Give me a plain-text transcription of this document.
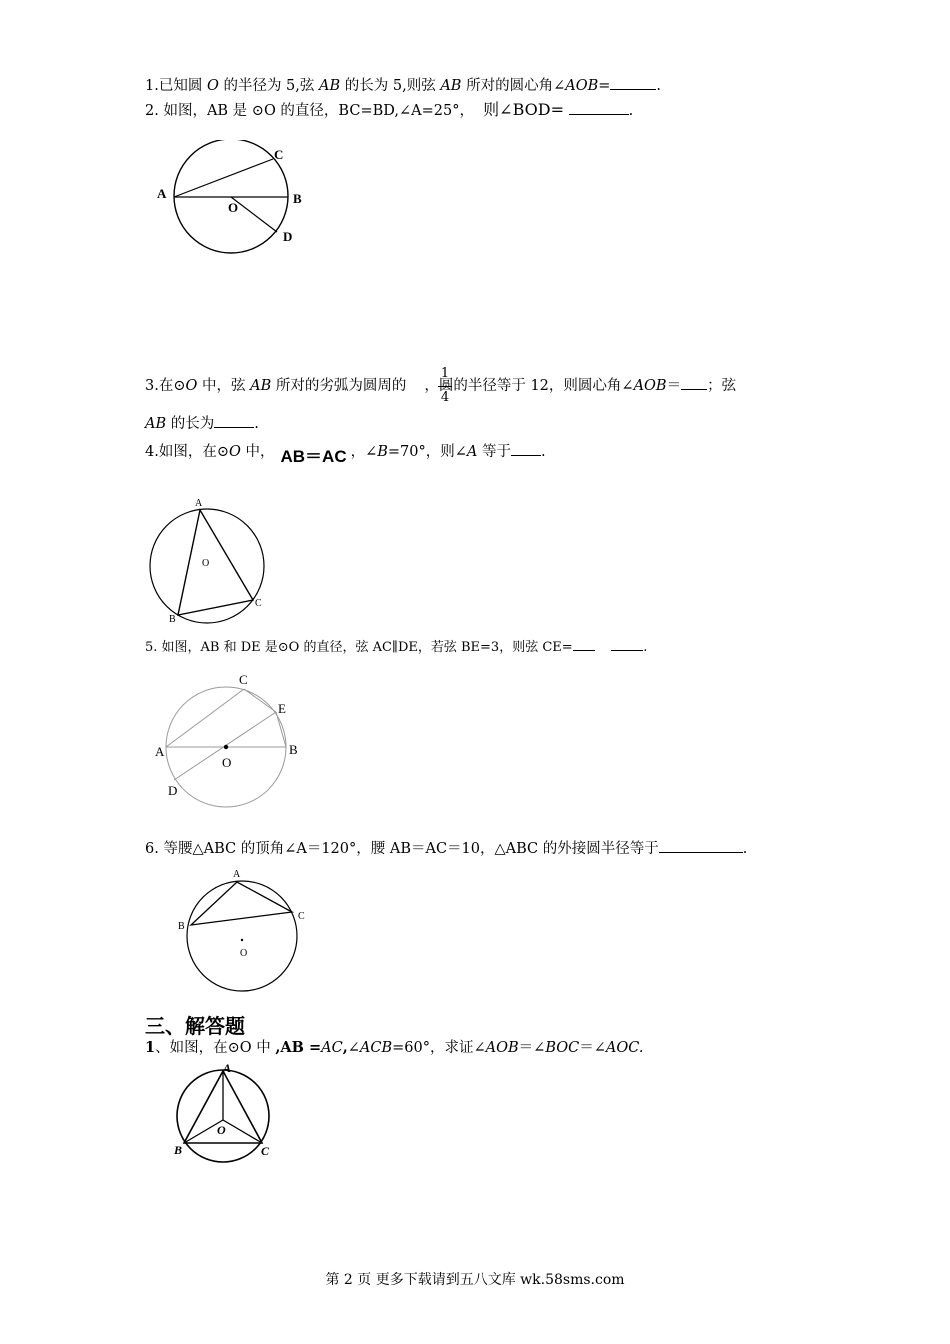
1.已知圆 O 的半径为 5,弦 AB 的长为 5,则弦 AB 所对的圆心角∠AOB=	.
2. 如图，AB 是 ⊙O 的直径，BC=BD,∠A=25°， 则∠BOD=	.
A	B
C
D
O
3.在⊙O 中，弦 AB 所对的劣弧为圆周的 ，圆的半径等于 12，则圆心角∠AOB＝ ；弦
1
4
AB 的长为	.
4.如图，在⊙O 中， AB＝AC ，∠B=70°，则∠A 等于 .
A
B
C
O
5. 如图，AB 和 DE 是⊙O 的直径，弦 AC∥DE，若弦 BE=3，则弦 CE=	.
A	B
C
D
E
O
6. 等腰△ABC 的顶角∠A＝120°，腰 AB＝AC＝10，△ABC 的外接圆半径等于	.
A
B
C
O
三、解答题
1、如图，在⊙O 中 ,AB =AC,∠ACB=60°，求证∠AOB＝∠BOC＝∠AOC.
A
B	C
O
第 2 页 更多下载请到五八文库 wk.58sms.com
